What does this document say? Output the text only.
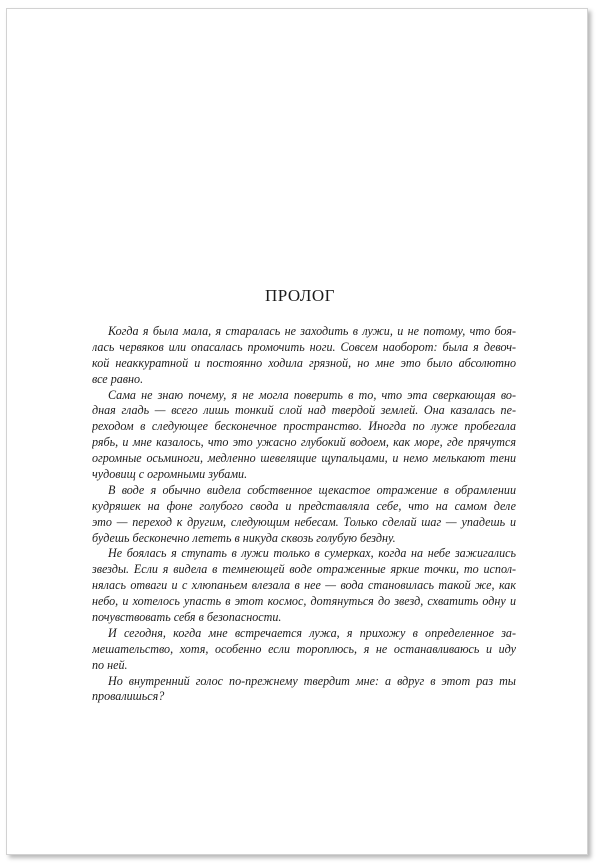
ПРОЛОГ

Когда я была мала, я старалась не заходить в лужи, и не потому, что боя-
лась червяков или опасалась промочить ноги. Совсем наоборот: была я девоч-
кой неаккуратной и постоянно ходила грязной, но мне это было абсолютно
все равно.

Сама не знаю почему, я не могла поверить в то, что эта сверкающая во-
дная гладь — всего лишь тонкий слой над твердой землей. Она казалась пе-
реходом в следующее бесконечное пространство. Иногда по луже пробегала
рябь, и мне казалось, что это ужасно глубокий водоем, как море, где прячутся
огромные осьминоги, медленно шевелящие щупальцами, и немо мелькают тени
чудовищ с огромными зубами.

В воде я обычно видела собственное щекастое отражение в обрамлении
кудряшек на фоне голубого свода и представляла себе, что на самом деле
это — переход к другим, следующим небесам. Только сделай шаг — упадешь и
будешь бесконечно лететь в никуда сквозь голубую бездну.

Не боялась я ступать в лужи только в сумерках, когда на небе зажигались
звезды. Если я видела в темнеющей воде отраженные яркие точки, то испол-
нялась отваги и с хлюпаньем влезала в нее — вода становилась такой же, как
небо, и хотелось упасть в этот космос, дотянуться до звезд, схватить одну и
почувствовать себя в безопасности.

И сегодня, когда мне встречается лужа, я прихожу в определенное за-
мешательство, хотя, особенно если тороплюсь, я не останавливаюсь и иду
по ней.

Но внутренний голос по-прежнему твердит мне: а вдруг в этот раз ты
провалишься?
